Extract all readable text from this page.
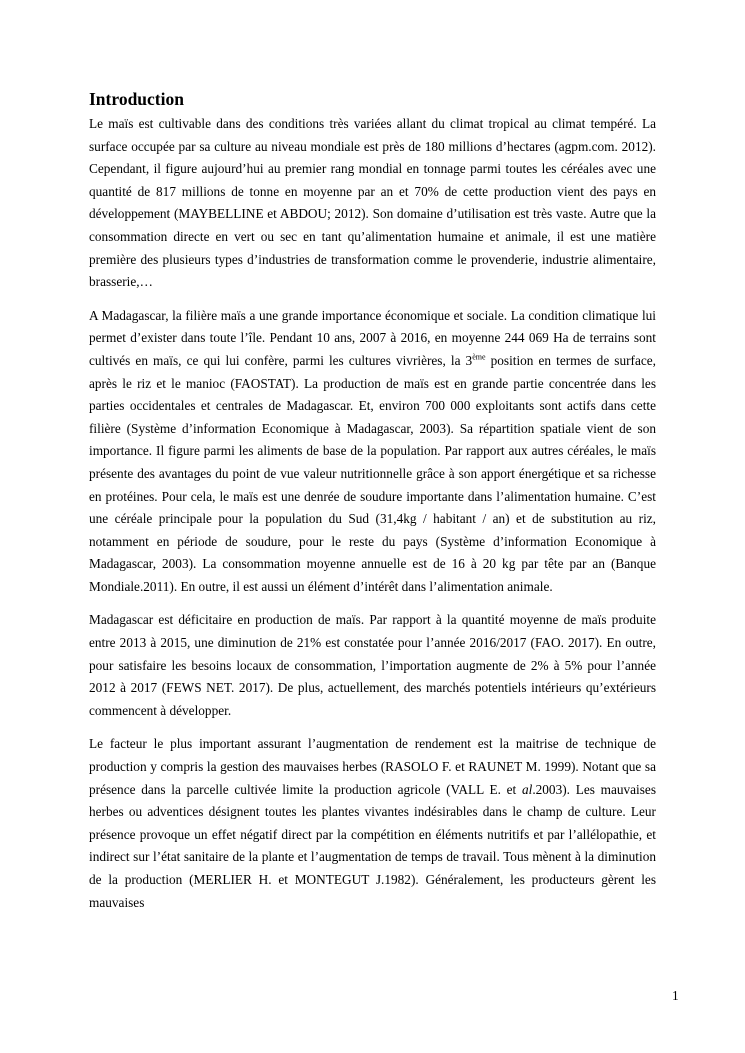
Introduction

Le maïs est cultivable dans des conditions très variées allant du climat tropical au climat tempéré. La surface occupée par sa culture au niveau mondiale est près de 180 millions d’hectares (agpm.com. 2012). Cependant, il figure aujourd’hui au premier rang mondial en tonnage parmi toutes les céréales avec une quantité de 817 millions de tonne en moyenne par an et 70% de cette production vient des pays en développement (MAYBELLINE et ABDOU; 2012). Son domaine d’utilisation est très vaste. Autre que la consommation directe en vert ou sec en tant qu’alimentation humaine et animale, il est une matière première des plusieurs types d’industries de transformation comme le provenderie, industrie alimentaire, brasserie,…

A Madagascar, la filière maïs a une grande importance économique et sociale. La condition climatique lui permet d’exister dans toute l’île. Pendant 10 ans, 2007 à 2016, en moyenne 244 069 Ha de terrains sont cultivés en maïs, ce qui lui confère, parmi les cultures vivrières, la 3ème position en termes de surface, après le riz et le manioc (FAOSTAT). La production de maïs est en grande partie concentrée dans les parties occidentales et centrales de Madagascar. Et, environ 700 000 exploitants sont actifs dans cette filière (Système d’information Economique à Madagascar, 2003). Sa répartition spatiale vient de son importance. Il figure parmi les aliments de base de la population. Par rapport aux autres céréales, le maïs présente des avantages du point de vue valeur nutritionnelle grâce à son apport énergétique et sa richesse en protéines. Pour cela, le maïs est une denrée de soudure importante dans l’alimentation humaine. C’est une céréale principale pour la population du Sud (31,4kg / habitant / an) et de substitution au riz, notamment en période de soudure, pour le reste du pays (Système d’information Economique à Madagascar, 2003). La consommation moyenne annuelle est de 16 à 20 kg par tête par an (Banque Mondiale.2011). En outre, il est aussi un élément d’intérêt dans l’alimentation animale.

Madagascar est déficitaire en production de maïs. Par rapport à la quantité moyenne de maïs produite entre 2013 à 2015, une diminution de 21% est constatée pour l’année 2016/2017 (FAO. 2017). En outre, pour satisfaire les besoins locaux de consommation, l’importation augmente de 2% à 5% pour l’année 2012 à 2017 (FEWS NET. 2017). De plus, actuellement, des marchés potentiels intérieurs qu’extérieurs commencent à développer.

Le facteur le plus important assurant l’augmentation de rendement est la maitrise de technique de production y compris la gestion des mauvaises herbes (RASOLO F. et RAUNET M. 1999). Notant que sa présence dans la parcelle cultivée limite la production agricole (VALL E. et al.2003). Les mauvaises herbes ou adventices désignent toutes les plantes vivantes indésirables dans le champ de culture. Leur présence provoque un effet négatif direct par la compétition en éléments nutritifs et par l’allélopathie, et indirect sur l’état sanitaire de la plante et l’augmentation de temps de travail. Tous mènent à la diminution de la production (MERLIER H. et MONTEGUT J.1982). Généralement, les producteurs gèrent les mauvaises

1
